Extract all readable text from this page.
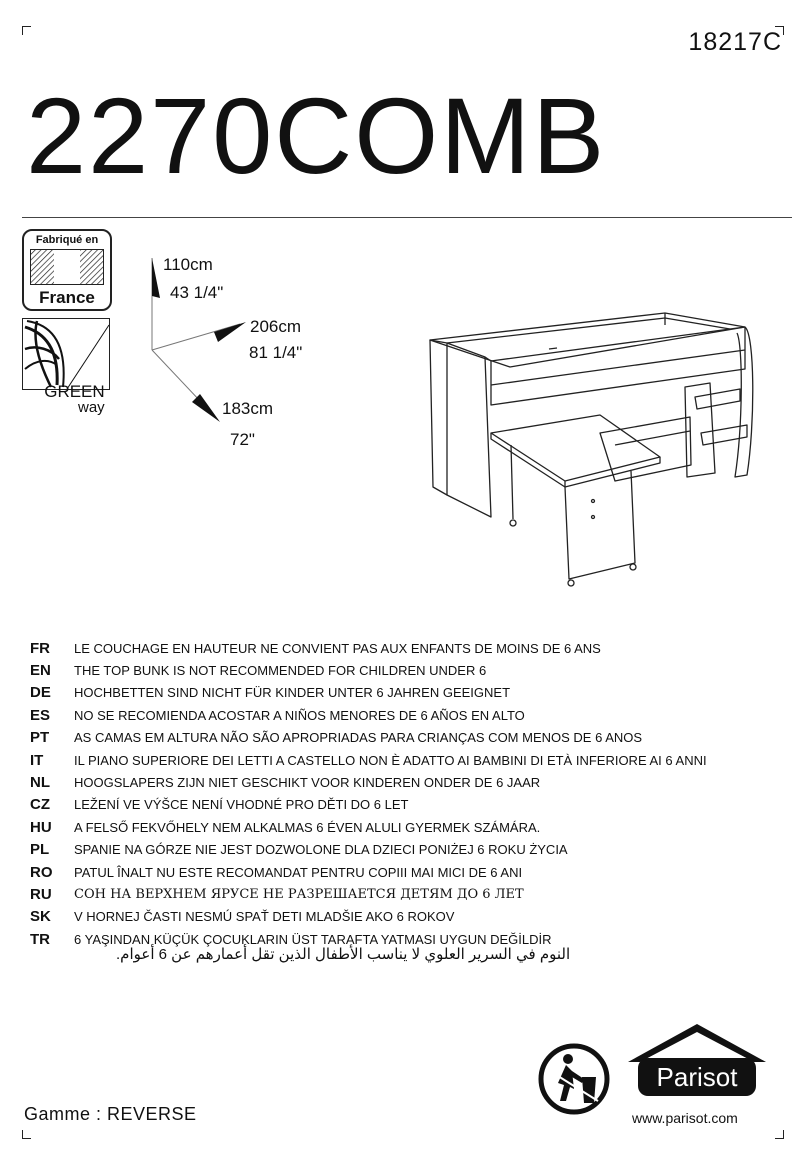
18217C
2270COMB
Fabriqué en
France
GREEN
way
110cm
43 1/4"
206cm
81 1/4"
183cm
72"
FR	LE COUCHAGE EN HAUTEUR NE CONVIENT PAS AUX ENFANTS DE MOINS DE 6 ANS
EN	THE TOP BUNK IS NOT RECOMMENDED FOR CHILDREN UNDER 6
DE	HOCHBETTEN SIND NICHT FÜR KINDER UNTER 6 JAHREN GEEIGNET
ES	NO SE RECOMIENDA ACOSTAR A NIÑOS MENORES DE 6 AÑOS EN ALTO
PT	AS CAMAS EM ALTURA NÃO SÃO APROPRIADAS PARA CRIANÇAS COM MENOS DE 6 ANOS
IT	IL PIANO SUPERIORE DEI LETTI A CASTELLO NON È ADATTO AI BAMBINI DI ETÀ INFERIORE AI 6 ANNI
NL	HOOGSLAPERS ZIJN NIET GESCHIKT VOOR KINDEREN ONDER DE 6 JAAR
CZ	LEŽENÍ VE VÝŠCE NENÍ VHODNÉ PRO DĚTI DO 6 LET
HU	A FELSŐ FEKVŐHELY NEM ALKALMAS 6 ÉVEN ALULI GYERMEK SZÁMÁRA.
PL	SPANIE NA GÓRZE NIE JEST DOZWOLONE DLA DZIECI PONIŻEJ 6 ROKU ŻYCIA
RO	PATUL ÎNALT NU ESTE RECOMANDAT PENTRU COPIII MAI MICI DE 6 ANI
RU	СОН НА ВЕРХНЕМ ЯРУСЕ НЕ РАЗРЕШАЕТСЯ ДЕТЯМ ДО 6 ЛЕТ
SK	V HORNEJ ČASTI NESMÚ SPAŤ DETI MLADŠIE AKO 6 ROKOV
TR	6 YAŞINDAN KÜÇÜK ÇOCUKLARIN ÜST TARAFTA YATMASI UYGUN DEĞİLDİR
النوم في السرير العلوي لا يناسب الأطفال الذين تقل أعمارهم عن 6 أعوام.
Parisot
www.parisot.com
Gamme : REVERSE
